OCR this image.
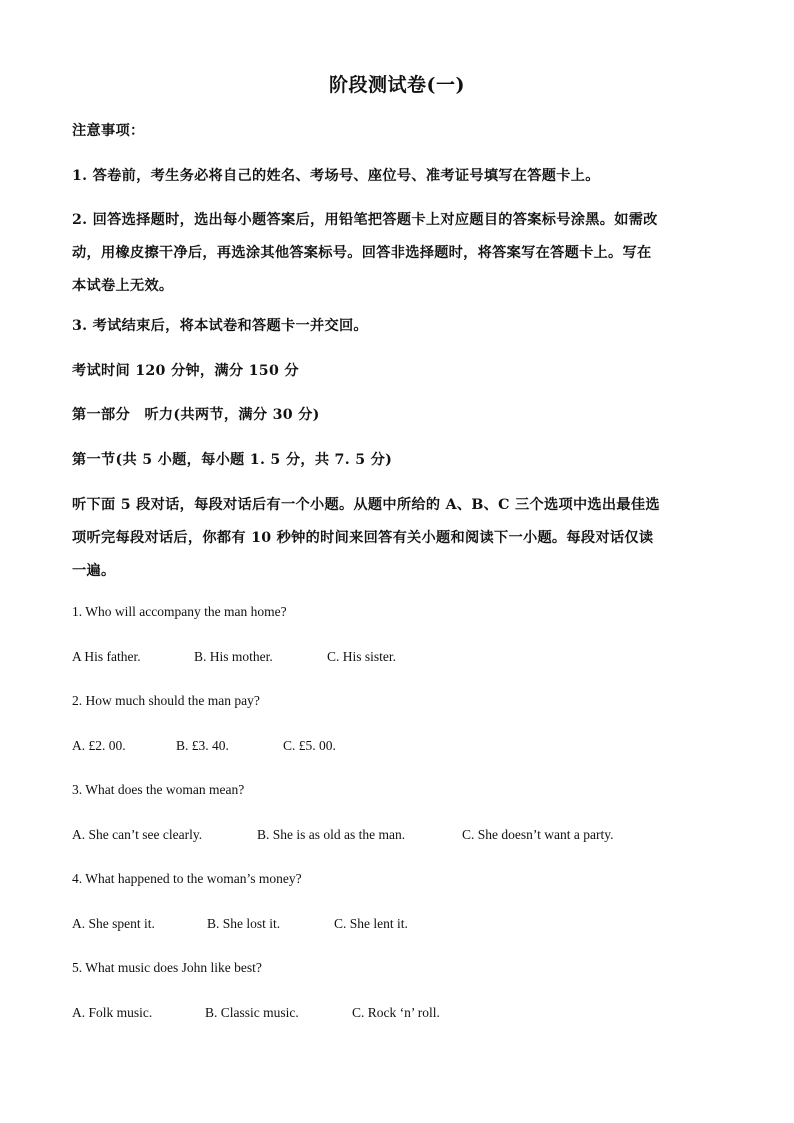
阶段测试卷(一)
注意事项：
1. 答卷前，考生务必将自己的姓名、考场号、座位号、准考证号填写在答题卡上。
2. 回答选择题时，选出每小题答案后，用铅笔把答题卡上对应题目的答案标号涂黑。如需改
动，用橡皮擦干净后，再选涂其他答案标号。回答非选择题时，将答案写在答题卡上。写在
本试卷上无效。
3. 考试结束后，将本试卷和答题卡一并交回。
考试时间 120 分钟，满分 150 分
第一部分　听力(共两节，满分 30 分)
第一节(共 5 小题，每小题 1. 5 分，共 7. 5 分)
听下面 5 段对话，每段对话后有一个小题。从题中所给的 A、B、C 三个选项中选出最佳选
项听完每段对话后，你都有 10 秒钟的时间来回答有关小题和阅读下一小题。每段对话仅读
一遍。
1. Who will accompany the man home?
A His father.	B. His mother.	C. His sister.
2. How much should the man pay?
A. £2. 00.	B. £3. 40.	C. £5. 00.
3. What does the woman mean?
A. She can’t see clearly.	B. She is as old as the man.	C. She doesn’t want a party.
4. What happened to the woman’s money?
A. She spent it.	B. She lost it.	C. She lent it.
5. What music does John like best?
A. Folk music.	B. Classic music.	C. Rock ‘n’ roll.
